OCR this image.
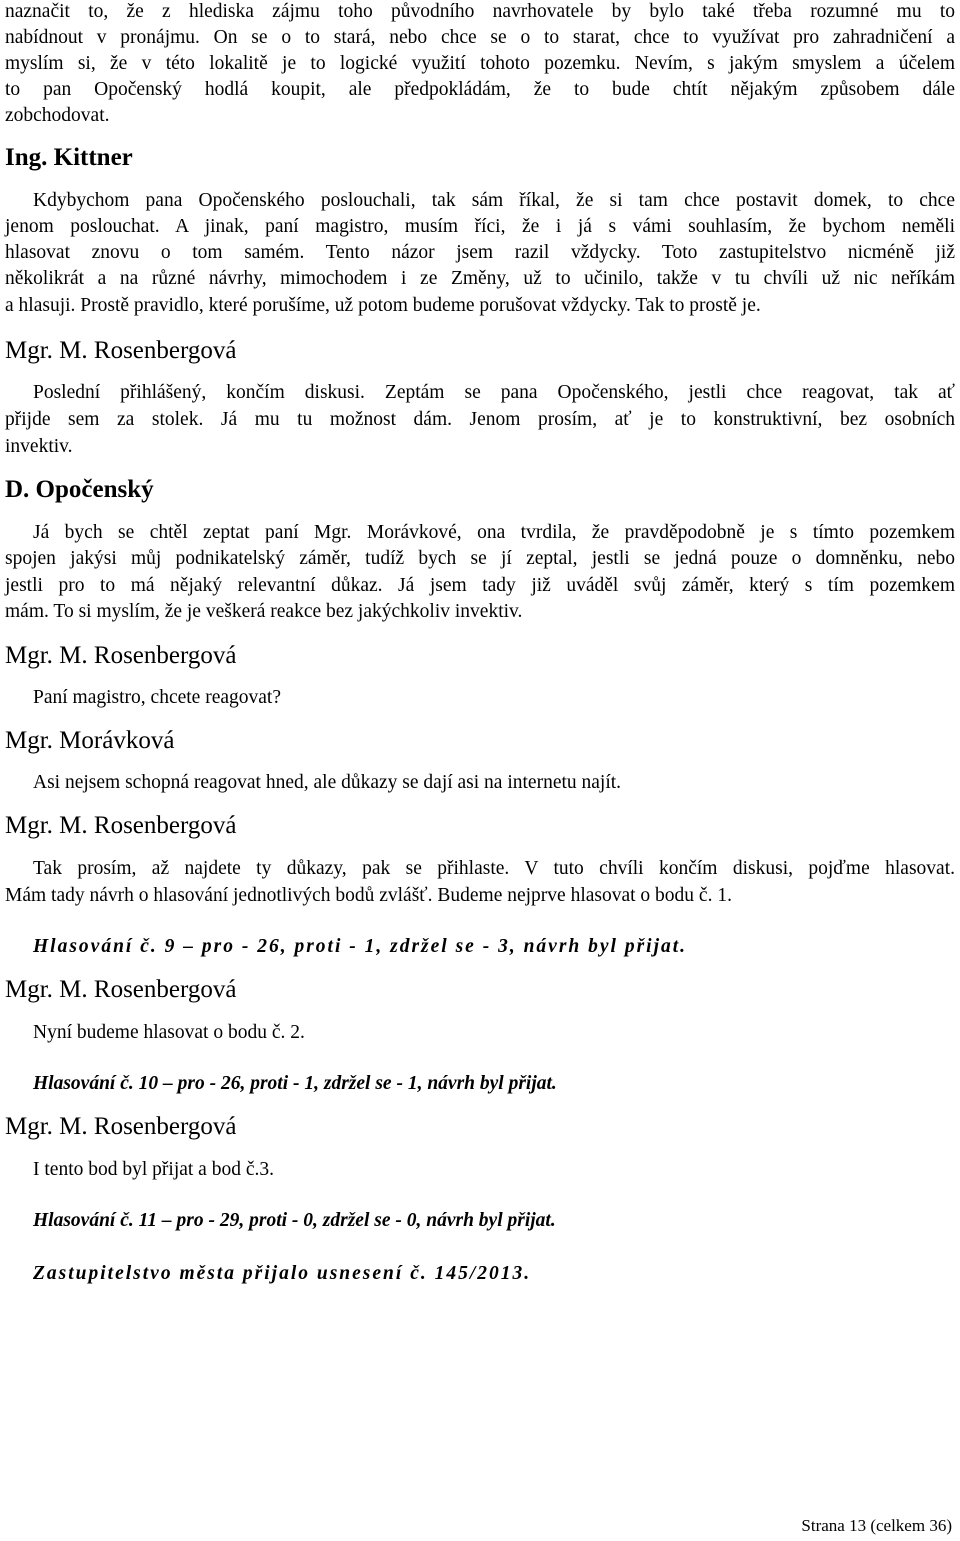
naznačit to, že z hlediska zájmu toho původního navrhovatele by bylo také třeba rozumné mu to
nabídnout v pronájmu. On se o to stará, nebo chce se o to starat, chce to využívat pro zahradničení a
myslím si, že v této lokalitě je to logické využití tohoto pozemku. Nevím, s jakým smyslem a účelem
to pan Opočenský hodlá koupit, ale předpokládám, že to bude chtít nějakým způsobem dále
zobchodovat.
Ing. Kittner
Kdybychom pana Opočenského poslouchali, tak sám říkal, že si tam chce postavit domek, to chce
jenom poslouchat. A jinak, paní magistro, musím říci, že i já s vámi souhlasím, že bychom neměli
hlasovat znovu o tom samém. Tento názor jsem razil vždycky. Toto zastupitelstvo nicméně již
několikrát a na různé návrhy, mimochodem i ze Změny, už to učinilo, takže v tu chvíli už nic neříkám
a hlasuji. Prostě pravidlo, které porušíme, už potom budeme porušovat vždycky. Tak to prostě je.
Mgr. M. Rosenbergová
Poslední přihlášený, končím diskusi. Zeptám se pana Opočenského, jestli chce reagovat, tak ať
přijde sem za stolek. Já mu tu možnost dám. Jenom prosím, ať je to konstruktivní, bez osobních
invektiv.
D. Opočenský
Já bych se chtěl zeptat paní Mgr. Morávkové, ona tvrdila, že pravděpodobně je s tímto pozemkem
spojen jakýsi můj podnikatelský záměr, tudíž bych se jí zeptal, jestli se jedná pouze o domněnku, nebo
jestli pro to má nějaký relevantní důkaz. Já jsem tady již uváděl svůj záměr, který s tím pozemkem
mám. To si myslím, že je veškerá reakce bez jakýchkoliv invektiv.
Mgr. M. Rosenbergová
Paní magistro, chcete reagovat?
Mgr. Morávková
Asi nejsem schopná reagovat hned, ale důkazy se dají asi na internetu najít.
Mgr. M. Rosenbergová
Tak prosím, až najdete ty důkazy, pak se přihlaste. V tuto chvíli končím diskusi, pojďme hlasovat.
Mám tady návrh o hlasování jednotlivých bodů zvlášť. Budeme nejprve hlasovat o bodu č. 1.
Hlasování č. 9 – pro - 26, proti - 1, zdržel se - 3, návrh byl přijat.
Mgr. M. Rosenbergová
Nyní budeme hlasovat o bodu č. 2.
Hlasování č. 10 – pro - 26, proti - 1, zdržel se - 1, návrh byl přijat.
Mgr. M. Rosenbergová
I tento bod byl přijat a bod č.3.
Hlasování č. 11 – pro - 29, proti - 0, zdržel se - 0, návrh byl přijat.
Zastupitelstvo města přijalo usnesení č. 145/2013.
Strana 13 (celkem 36)
